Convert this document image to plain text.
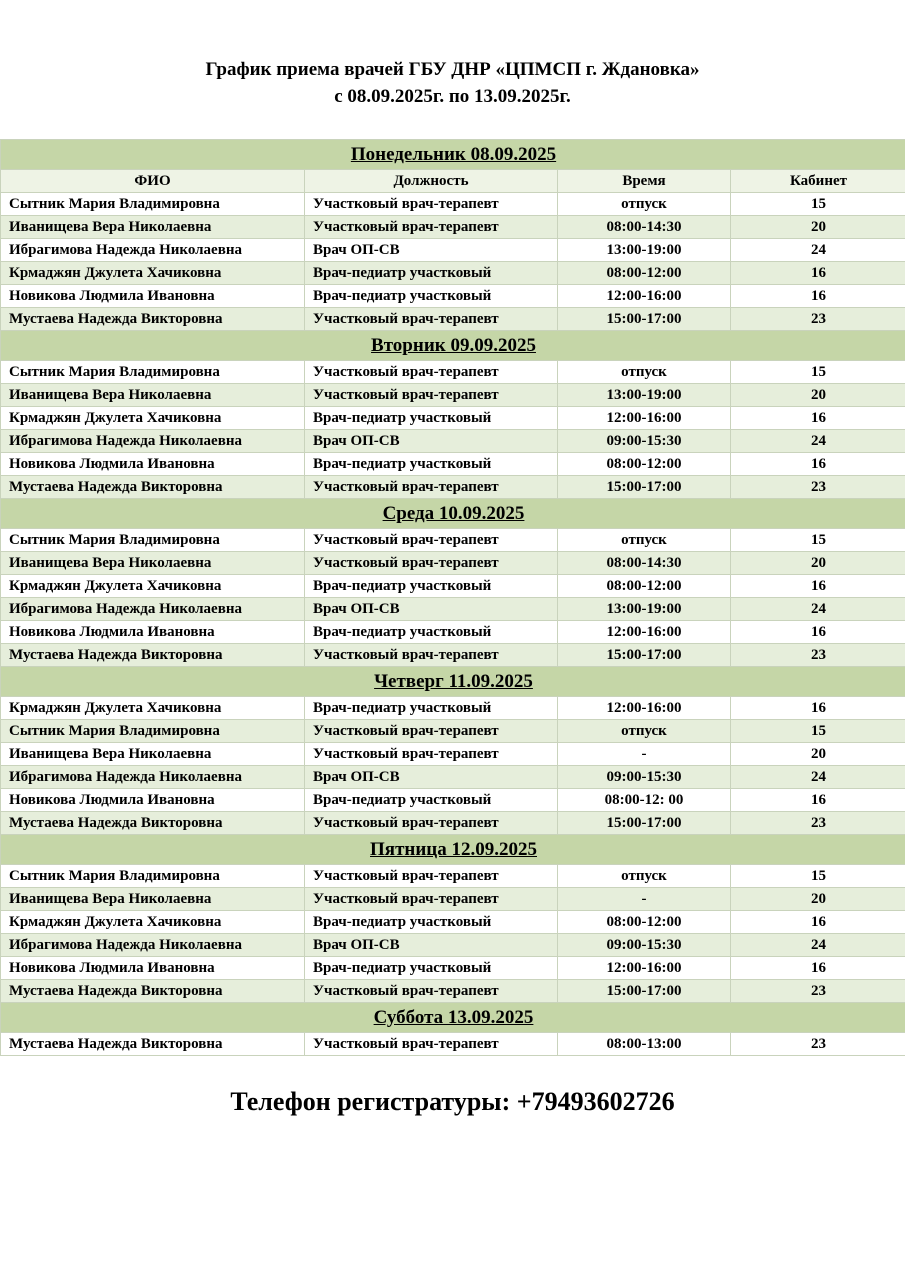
График приема врачей ГБУ ДНР «ЦПМСП г. Ждановка»
с 08.09.2025г. по 13.09.2025г.
Понедельник 08.09.2025			
ФИО	Должность	Время	Кабинет
Сытник Мария Владимировна	Участковый врач-терапевт	отпуск	15
Иванищева Вера Николаевна	Участковый врач-терапевт	08:00-14:30	20
Ибрагимова Надежда Николаевна	Врач ОП-СВ	13:00-19:00	24
Крмаджян Джулета Хачиковна	Врач-педиатр участковый	08:00-12:00	16
Новикова Людмила Ивановна	Врач-педиатр участковый	12:00-16:00	16
Мустаева Надежда Викторовна	Участковый врач-терапевт	15:00-17:00	23
Вторник 09.09.2025			
Сытник Мария Владимировна	Участковый врач-терапевт	отпуск	15
Иванищева Вера Николаевна	Участковый врач-терапевт	13:00-19:00	20
Крмаджян Джулета Хачиковна	Врач-педиатр участковый	12:00-16:00	16
Ибрагимова Надежда Николаевна	Врач ОП-СВ	09:00-15:30	24
Новикова Людмила Ивановна	Врач-педиатр участковый	08:00-12:00	16
Мустаева Надежда Викторовна	Участковый врач-терапевт	15:00-17:00	23
Среда 10.09.2025			
Сытник Мария Владимировна	Участковый врач-терапевт	отпуск	15
Иванищева Вера Николаевна	Участковый врач-терапевт	08:00-14:30	20
Крмаджян Джулета Хачиковна	Врач-педиатр участковый	08:00-12:00	16
Ибрагимова Надежда Николаевна	Врач ОП-СВ	13:00-19:00	24
Новикова Людмила Ивановна	Врач-педиатр участковый	12:00-16:00	16
Мустаева Надежда Викторовна	Участковый врач-терапевт	15:00-17:00	23
Четверг 11.09.2025			
Крмаджян Джулета Хачиковна	Врач-педиатр участковый	12:00-16:00	16
Сытник Мария Владимировна	Участковый врач-терапевт	отпуск	15
Иванищева Вера Николаевна	Участковый врач-терапевт	-	20
Ибрагимова Надежда Николаевна	Врач ОП-СВ	09:00-15:30	24
Новикова Людмила Ивановна	Врач-педиатр участковый	08:00-12: 00	16
Мустаева Надежда Викторовна	Участковый врач-терапевт	15:00-17:00	23
Пятница 12.09.2025			
Сытник Мария Владимировна	Участковый врач-терапевт	отпуск	15
Иванищева Вера Николаевна	Участковый врач-терапевт	-	20
Крмаджян Джулета Хачиковна	Врач-педиатр участковый	08:00-12:00	16
Ибрагимова Надежда Николаевна	Врач ОП-СВ	09:00-15:30	24
Новикова Людмила Ивановна	Врач-педиатр участковый	12:00-16:00	16
Мустаева Надежда Викторовна	Участковый врач-терапевт	15:00-17:00	23
Суббота 13.09.2025			
Мустаева Надежда Викторовна	Участковый врач-терапевт	08:00-13:00	23
Телефон регистратуры: +79493602726
